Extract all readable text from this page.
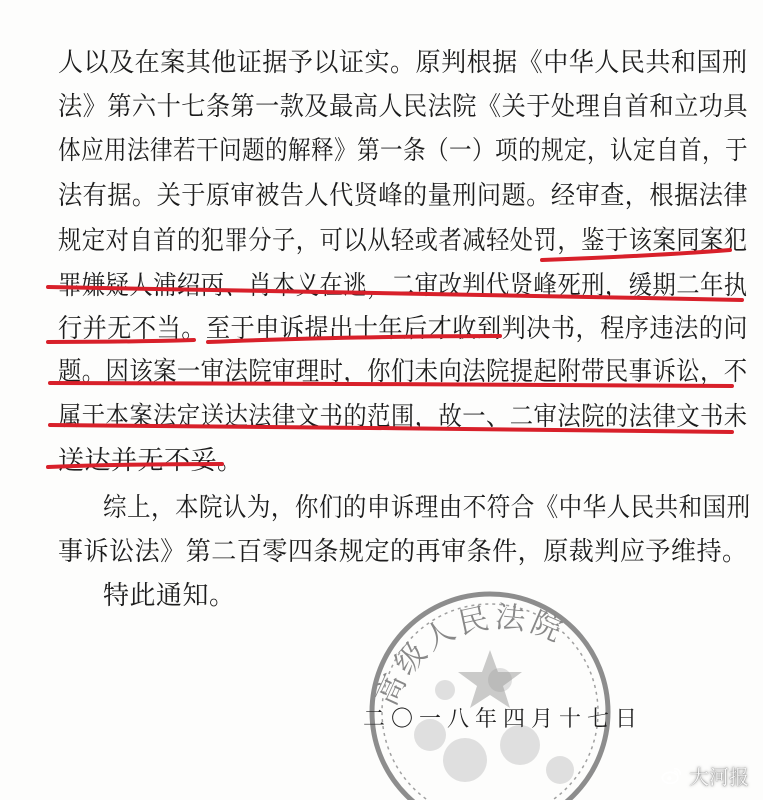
人以及在案其他证据予以证实。原判根据《中华人民共和国刑
法》第六十七条第一款及最高人民法院《关于处理自首和立功具
体应用法律若干问题的解释》第一条（一）项的规定，认定自首，于
法有据。关于原审被告人代贤峰的量刑问题。经审查，根据法律
规定对自首的犯罪分子，可以从轻或者减轻处罚，鉴于该案同案犯
罪嫌疑人浦绍丙、肖本义在逃，二审改判代贤峰死刑，缓期二年执
行并无不当。至于申诉提出十年后才收到判决书，程序违法的问
题。因该案一审法院审理时，你们未向法院提起附带民事诉讼，不
属于本案法定送达法律文书的范围，故一、二审法院的法律文书未
送达并无不妥。
综上，本院认为，你们的申诉理由不符合《中华人民共和国刑
事诉讼法》第二百零四条规定的再审条件，原裁判应予维持。
特此通知。
高级人民法院
二〇一八年四月十七日
大河报
